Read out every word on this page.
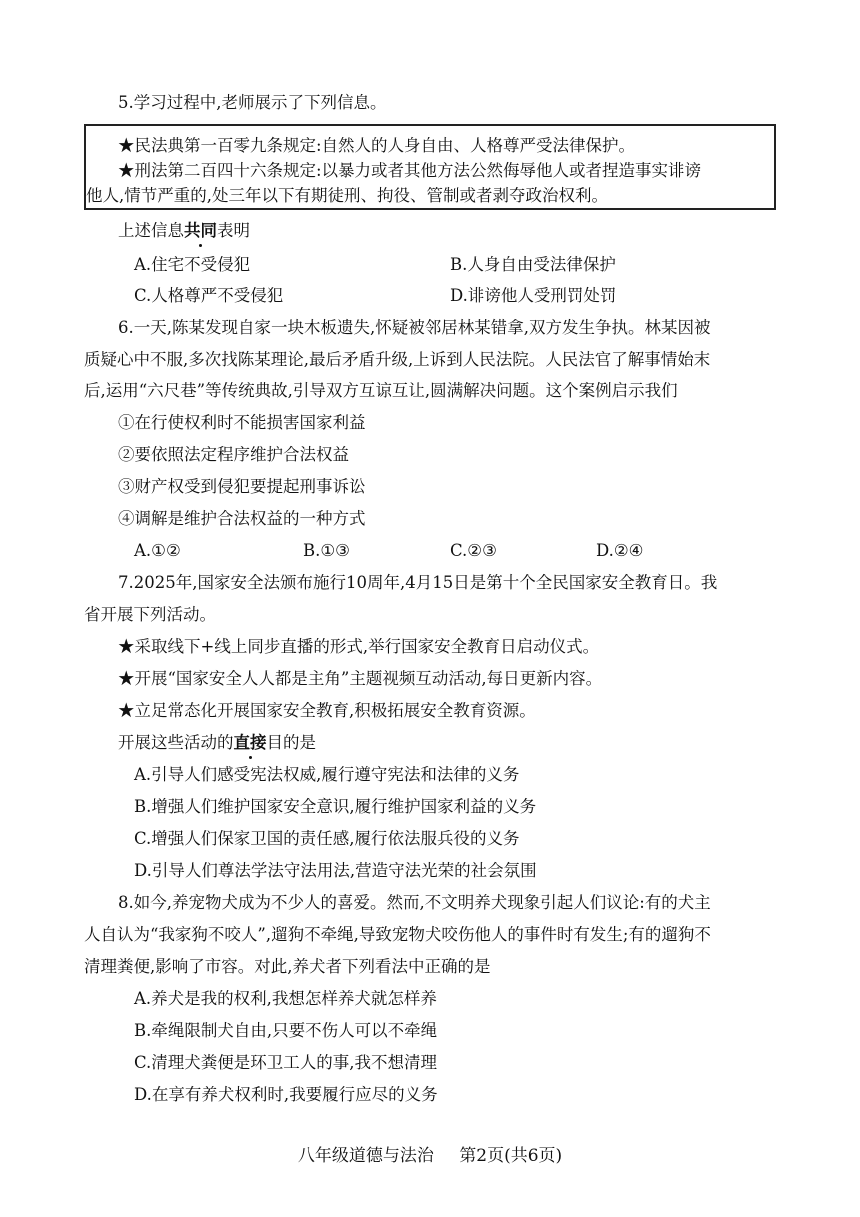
5.学习过程中,老师展示了下列信息。
★民法典第一百零九条规定:自然人的人身自由、人格尊严受法律保护。
★刑法第二百四十六条规定:以暴力或者其他方法公然侮辱他人或者捏造事实诽谤
他人,情节严重的,处三年以下有期徒刑、拘役、管制或者剥夺政治权利。
上述信息共同表明
A.住宅不受侵犯	B.人身自由受法律保护
C.人格尊严不受侵犯	D.诽谤他人受刑罚处罚
6.一天,陈某发现自家一块木板遗失,怀疑被邻居林某错拿,双方发生争执。林某因被
质疑心中不服,多次找陈某理论,最后矛盾升级,上诉到人民法院。人民法官了解事情始末
后,运用“六尺巷”等传统典故,引导双方互谅互让,圆满解决问题。这个案例启示我们
①在行使权利时不能损害国家利益
②要依照法定程序维护合法权益
③财产权受到侵犯要提起刑事诉讼
④调解是维护合法权益的一种方式
A.①②	B.①③	C.②③	D.②④
7.2025年,国家安全法颁布施行10周年,4月15日是第十个全民国家安全教育日。我
省开展下列活动。
★采取线下+线上同步直播的形式,举行国家安全教育日启动仪式。
★开展“国家安全人人都是主角”主题视频互动活动,每日更新内容。
★立足常态化开展国家安全教育,积极拓展安全教育资源。
开展这些活动的直接目的是
A.引导人们感受宪法权威,履行遵守宪法和法律的义务
B.增强人们维护国家安全意识,履行维护国家利益的义务
C.增强人们保家卫国的责任感,履行依法服兵役的义务
D.引导人们尊法学法守法用法,营造守法光荣的社会氛围
8.如今,养宠物犬成为不少人的喜爱。然而,不文明养犬现象引起人们议论:有的犬主
人自认为“我家狗不咬人”,遛狗不牵绳,导致宠物犬咬伤他人的事件时有发生;有的遛狗不
清理粪便,影响了市容。对此,养犬者下列看法中正确的是
A.养犬是我的权利,我想怎样养犬就怎样养
B.牵绳限制犬自由,只要不伤人可以不牵绳
C.清理犬粪便是环卫工人的事,我不想清理
D.在享有养犬权利时,我要履行应尽的义务
八年级道德与法治 第2页(共6页)
